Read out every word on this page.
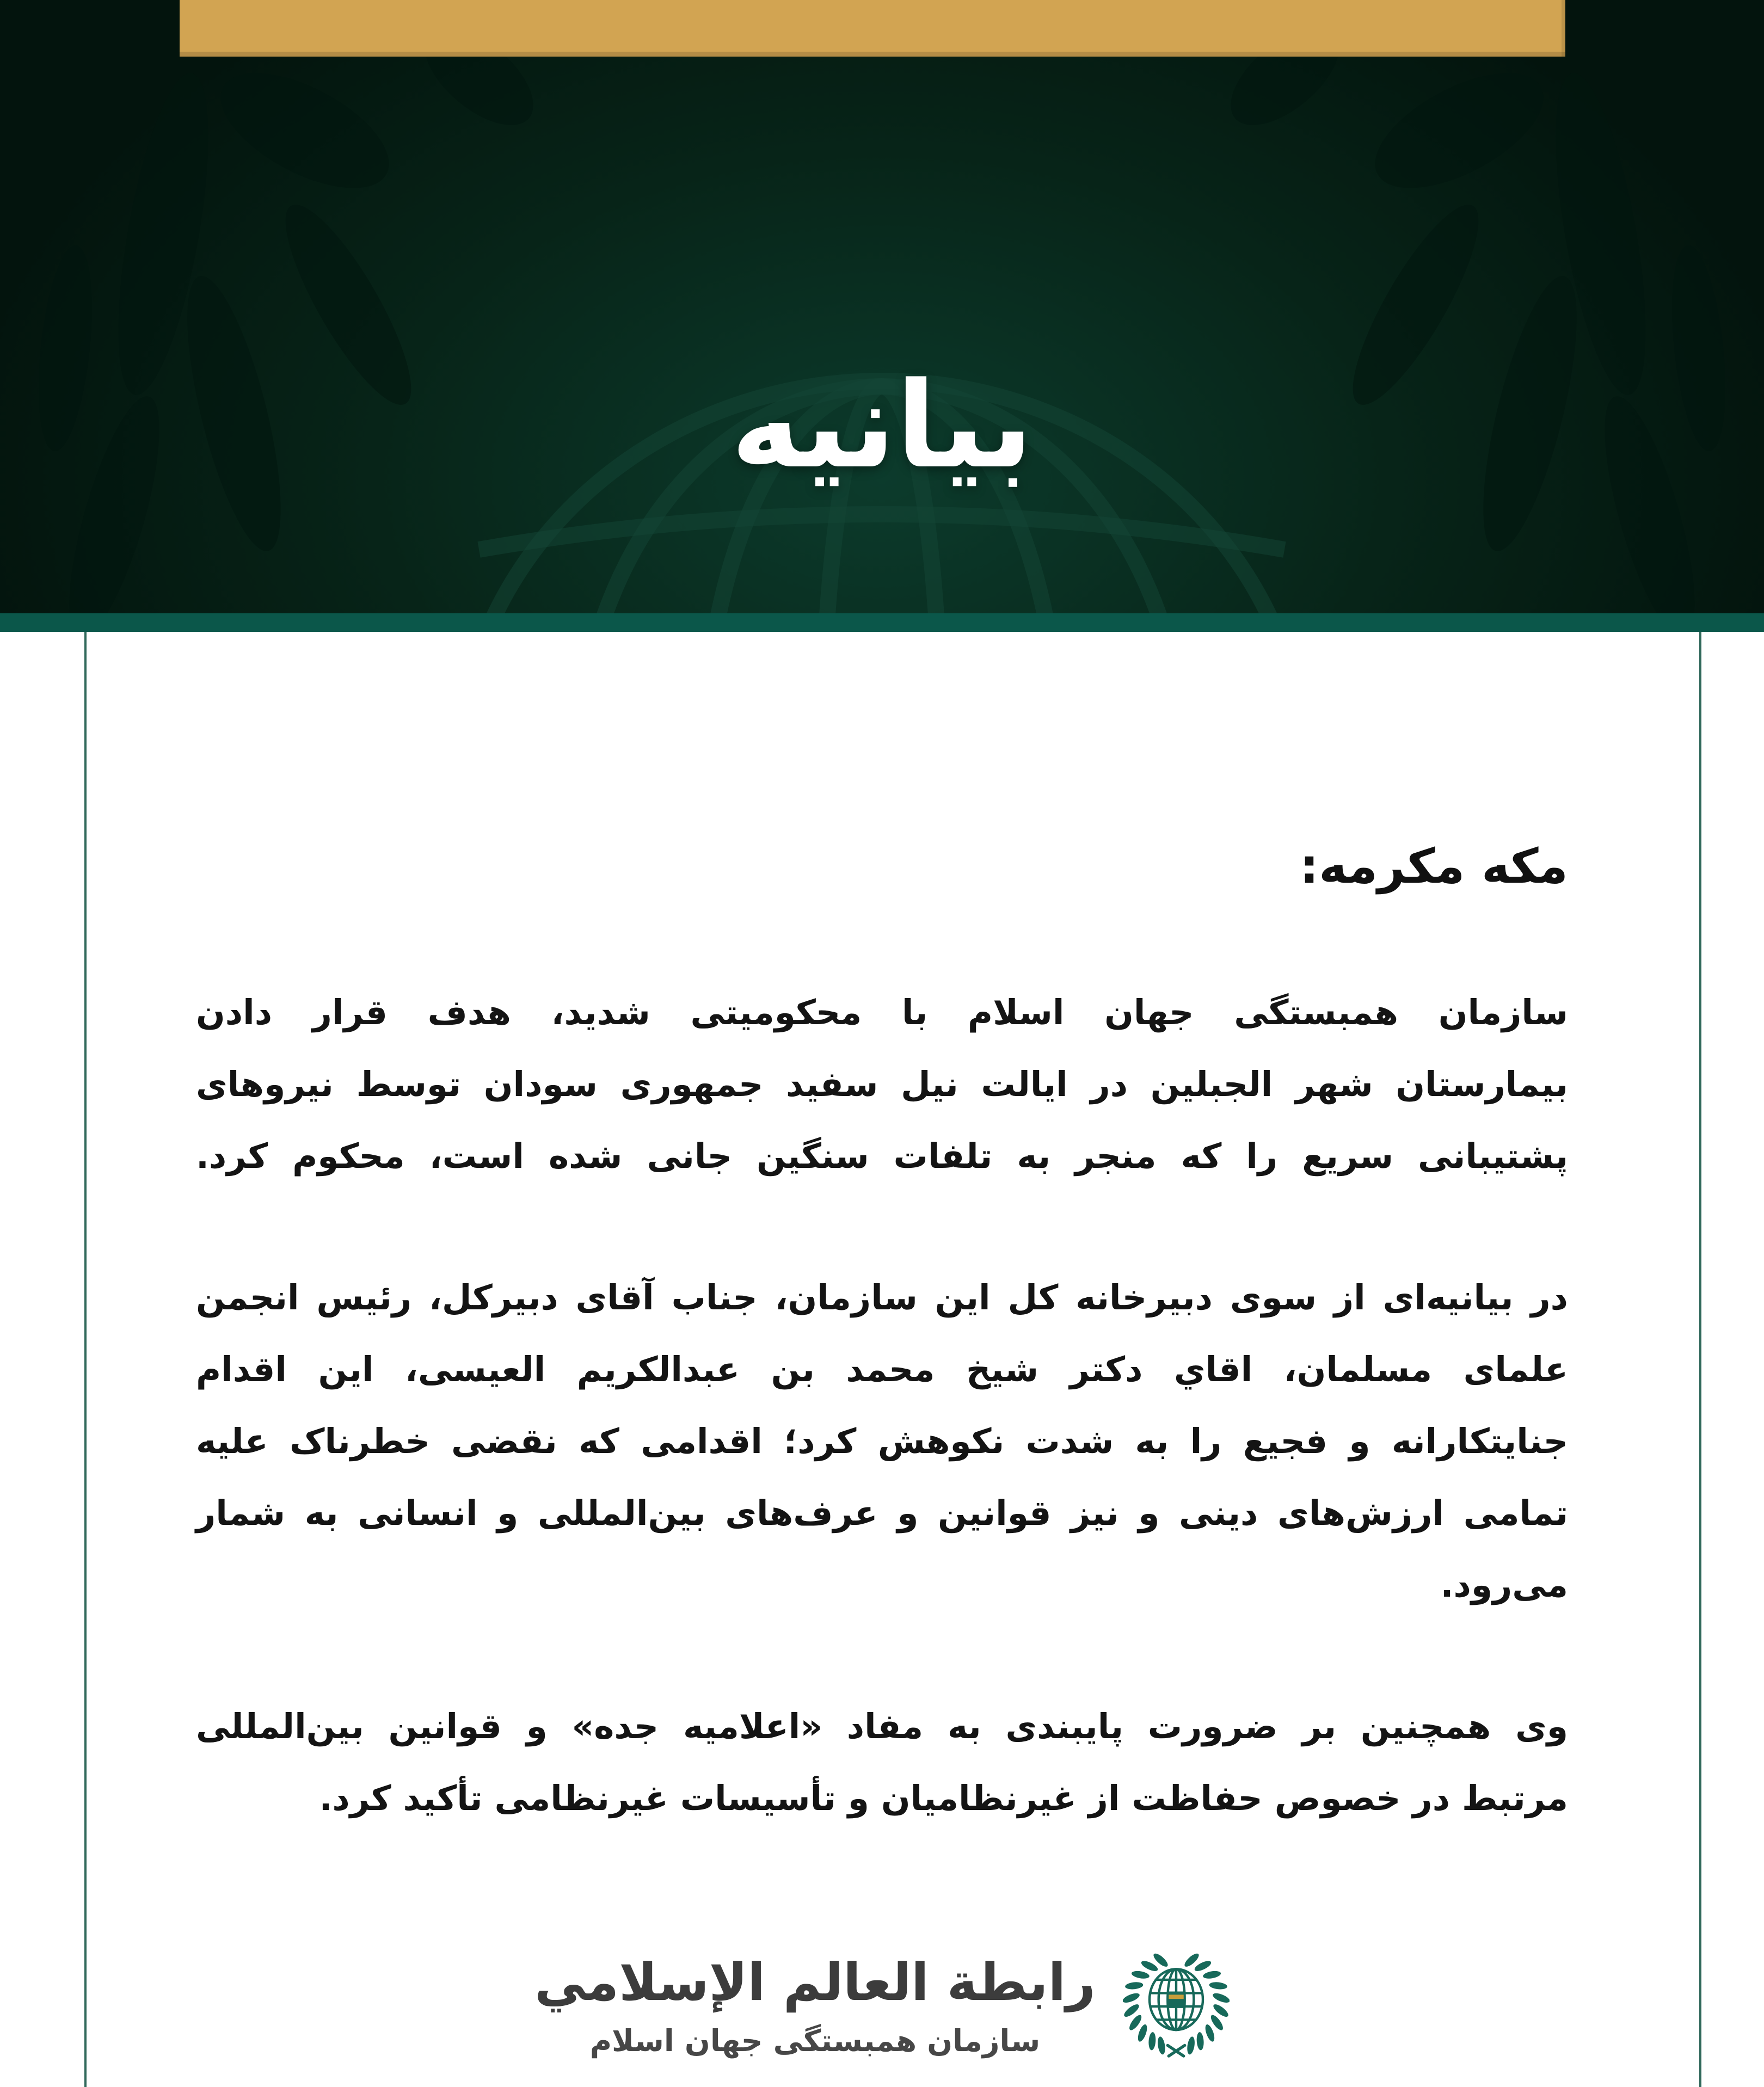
بیانیه
مکه مکرمه:

سازمان همبستگی جهان اسلام با محکومیتی شدید، هدف قرار دادن
بیمارستان شهر الجبلین در ایالت نیل سفید جمهوری سودان توسط نیروهای
پشتیبانی سریع را که منجر به تلفات سنگین جانی شده است، محکوم کرد.

در بیانیه‌ای از سوی دبیرخانه کل این سازمان، جناب آقای دبیرکل، رئیس انجمن
علمای مسلمان، اقاي دکتر شیخ محمد بن عبدالکریم العیسی، این اقدام
جنایتکارانه و فجیع را به شدت نکوهش کرد؛ اقدامی که نقضی خطرناک علیه
تمامی ارزش‌های دینی و نیز قوانین و عرف‌های بین‌المللی و انسانی به شمار می‌رود.

وی همچنین بر ضرورت پایبندی به مفاد «اعلامیه جده» و قوانین بین‌المللی
مرتبط در خصوص حفاظت از غیرنظامیان و تأسیسات غیرنظامی تأکید کرد.

رابطة العالم الإسلامي
سازمان همبستگی جهان اسلام
